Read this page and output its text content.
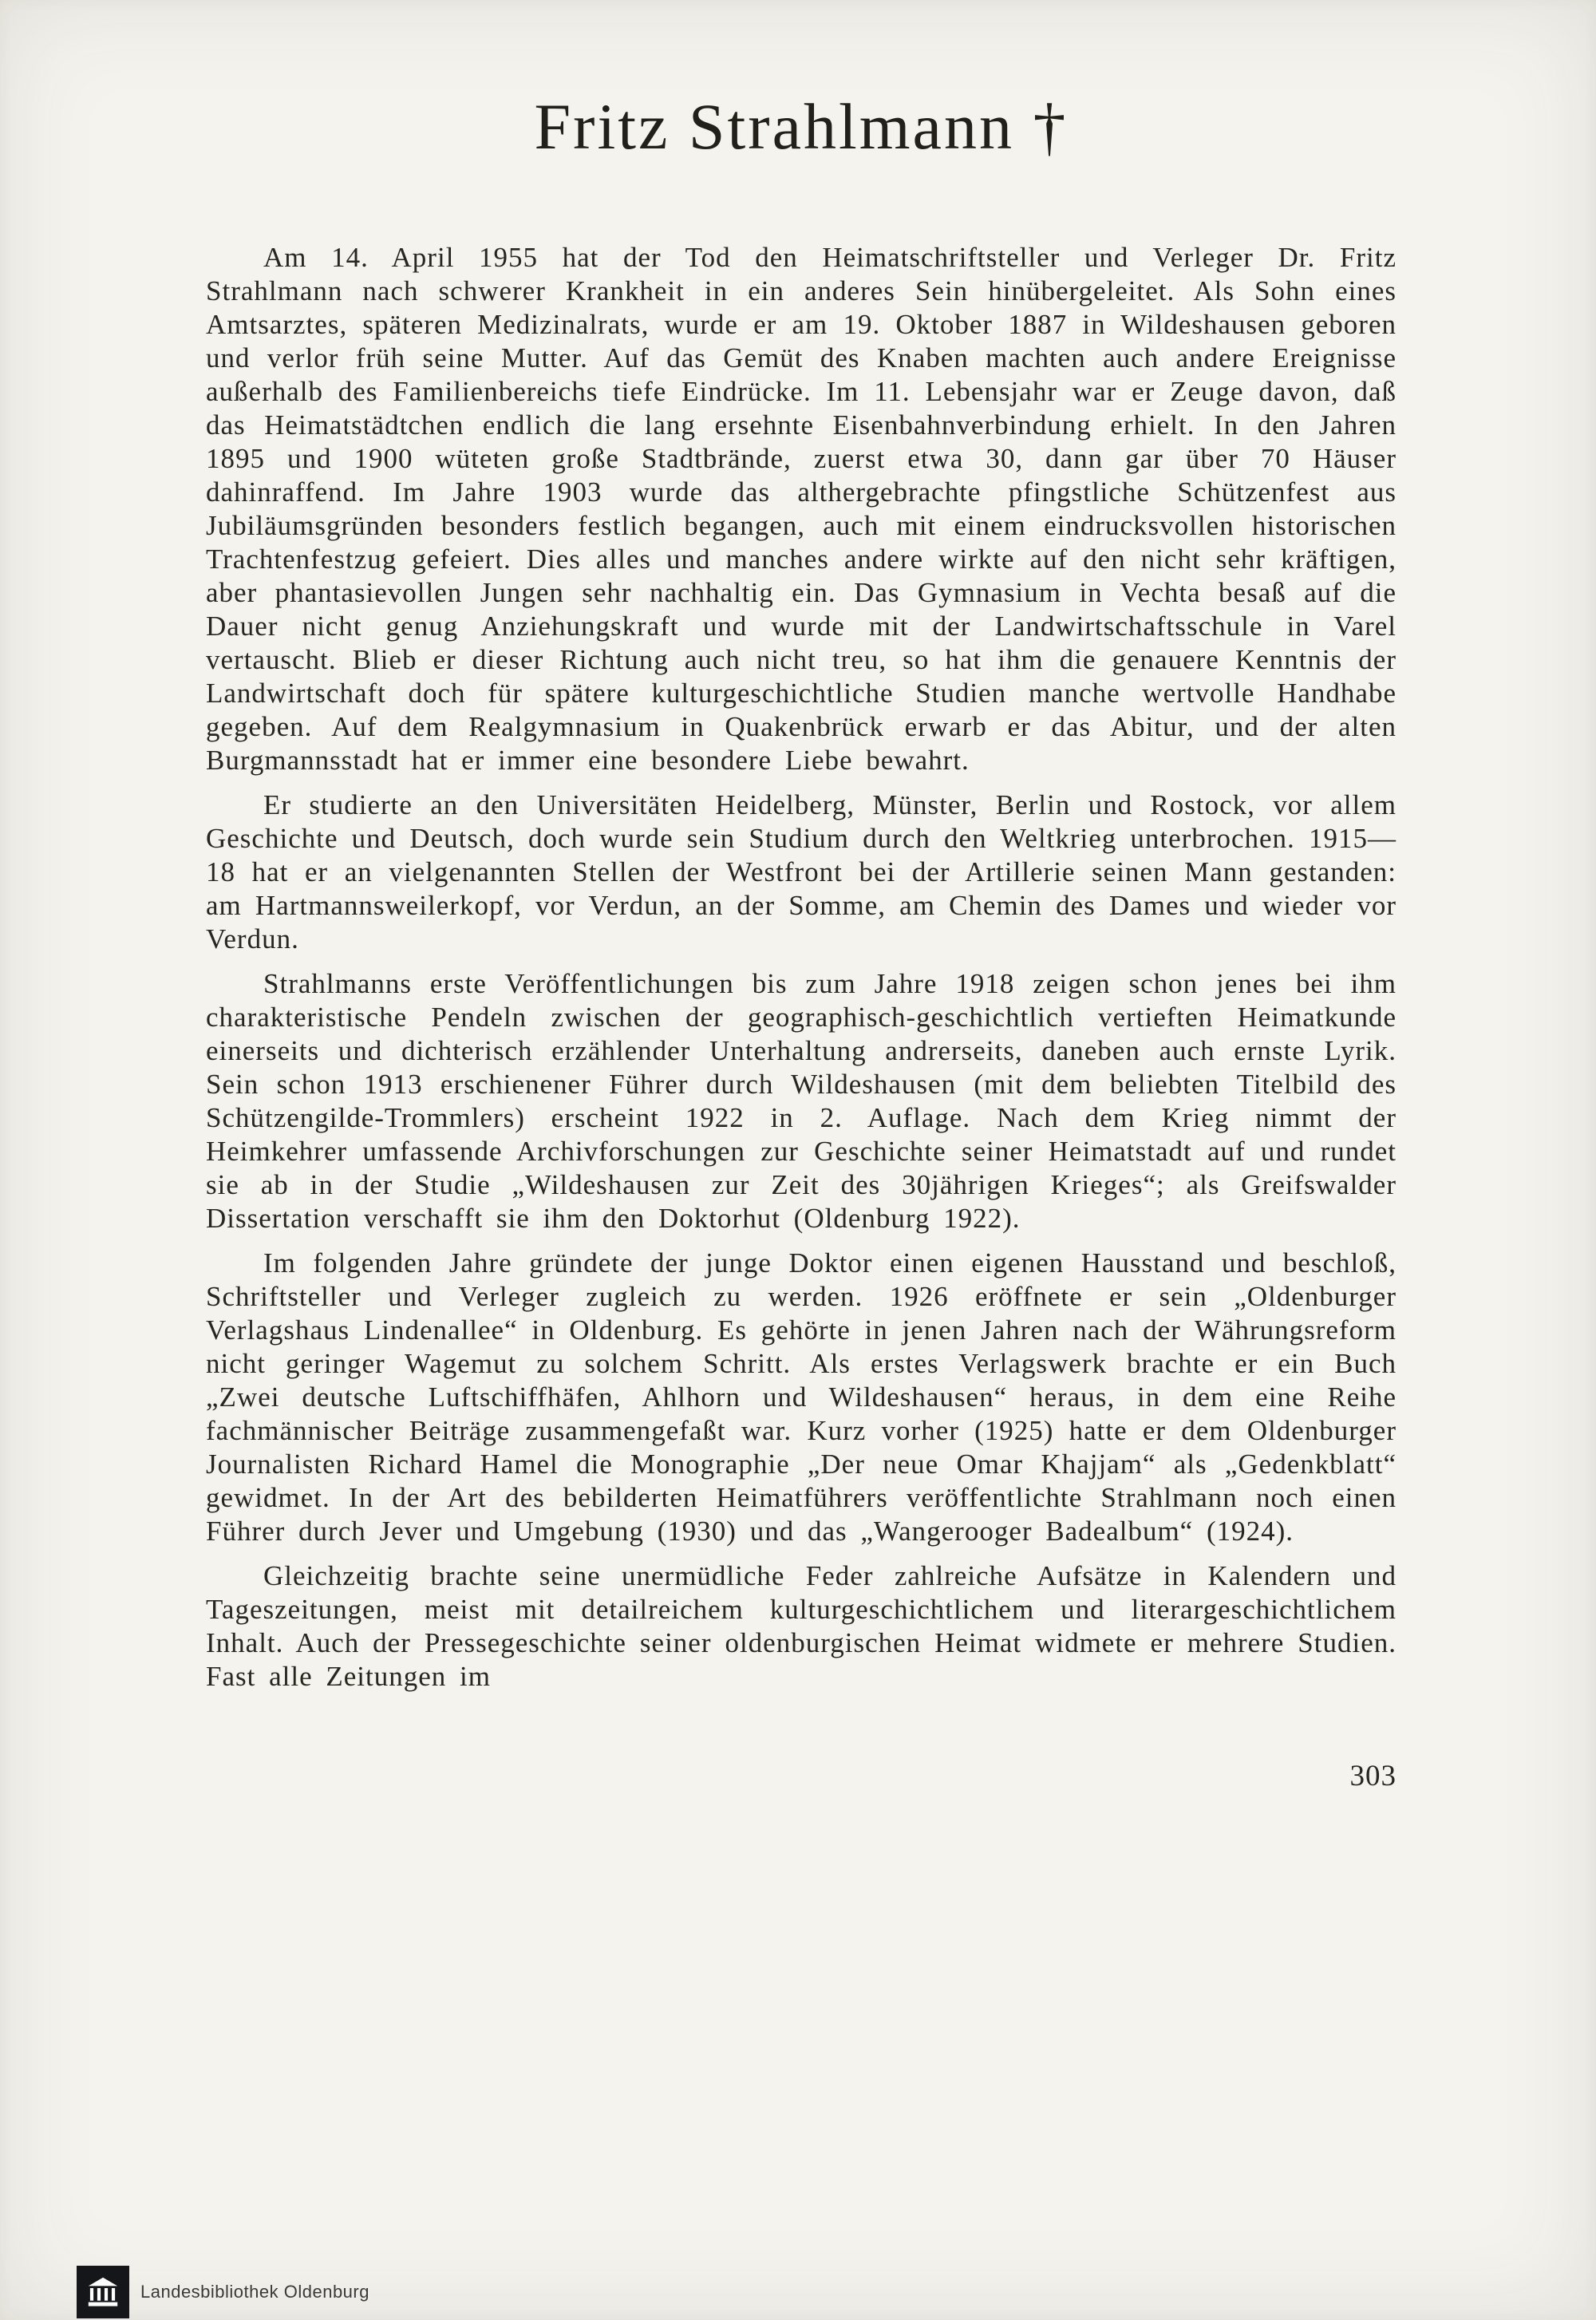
Fritz Strahlmann †

Am 14. April 1955 hat der Tod den Heimatschriftsteller und Verleger Dr. Fritz Strahlmann nach schwerer Krankheit in ein anderes Sein hinübergeleitet. Als Sohn eines Amtsarztes, späteren Medizinalrats, wurde er am 19. Oktober 1887 in Wildeshausen geboren und verlor früh seine Mutter. Auf das Gemüt des Knaben machten auch andere Ereignisse außerhalb des Familienbereichs tiefe Eindrücke. Im 11. Lebensjahr war er Zeuge davon, daß das Heimatstädtchen endlich die lang ersehnte Eisenbahnverbindung erhielt. In den Jahren 1895 und 1900 wüteten große Stadtbrände, zuerst etwa 30, dann gar über 70 Häuser dahinraffend. Im Jahre 1903 wurde das althergebrachte pfingstliche Schützenfest aus Jubiläumsgründen besonders festlich begangen, auch mit einem eindrucksvollen historischen Trachtenfestzug gefeiert. Dies alles und manches andere wirkte auf den nicht sehr kräftigen, aber phantasievollen Jungen sehr nachhaltig ein. Das Gymnasium in Vechta besaß auf die Dauer nicht genug Anziehungskraft und wurde mit der Landwirtschaftsschule in Varel vertauscht. Blieb er dieser Richtung auch nicht treu, so hat ihm die genauere Kenntnis der Landwirtschaft doch für spätere kulturgeschichtliche Studien manche wertvolle Handhabe gegeben. Auf dem Realgymnasium in Quakenbrück erwarb er das Abitur, und der alten Burgmannsstadt hat er immer eine besondere Liebe bewahrt.

Er studierte an den Universitäten Heidelberg, Münster, Berlin und Rostock, vor allem Geschichte und Deutsch, doch wurde sein Studium durch den Weltkrieg unterbrochen. 1915—18 hat er an vielgenannten Stellen der Westfront bei der Artillerie seinen Mann gestanden: am Hartmannsweilerkopf, vor Verdun, an der Somme, am Chemin des Dames und wieder vor Verdun.

Strahlmanns erste Veröffentlichungen bis zum Jahre 1918 zeigen schon jenes bei ihm charakteristische Pendeln zwischen der geographisch-geschichtlich vertieften Heimatkunde einerseits und dichterisch erzählender Unterhaltung andrerseits, daneben auch ernste Lyrik. Sein schon 1913 erschienener Führer durch Wildeshausen (mit dem beliebten Titelbild des Schützengilde-Trommlers) erscheint 1922 in 2. Auflage. Nach dem Krieg nimmt der Heimkehrer umfassende Archivforschungen zur Geschichte seiner Heimatstadt auf und rundet sie ab in der Studie „Wildeshausen zur Zeit des 30jährigen Krieges“; als Greifswalder Dissertation verschafft sie ihm den Doktorhut (Oldenburg 1922).

Im folgenden Jahre gründete der junge Doktor einen eigenen Hausstand und beschloß, Schriftsteller und Verleger zugleich zu werden. 1926 eröffnete er sein „Oldenburger Verlagshaus Lindenallee“ in Oldenburg. Es gehörte in jenen Jahren nach der Währungsreform nicht geringer Wagemut zu solchem Schritt. Als erstes Verlagswerk brachte er ein Buch „Zwei deutsche Luftschiffhäfen, Ahlhorn und Wildeshausen“ heraus, in dem eine Reihe fachmännischer Beiträge zusammengefaßt war. Kurz vorher (1925) hatte er dem Oldenburger Journalisten Richard Hamel die Monographie „Der neue Omar Khajjam“ als „Gedenkblatt“ gewidmet. In der Art des bebilderten Heimatführers veröffentlichte Strahlmann noch einen Führer durch Jever und Umgebung (1930) und das „Wangerooger Badealbum“ (1924).

Gleichzeitig brachte seine unermüdliche Feder zahlreiche Aufsätze in Kalendern und Tageszeitungen, meist mit detailreichem kulturgeschichtlichem und literargeschichtlichem Inhalt. Auch der Pressegeschichte seiner oldenburgischen Heimat widmete er mehrere Studien. Fast alle Zeitungen im

303
Landesbibliothek Oldenburg
